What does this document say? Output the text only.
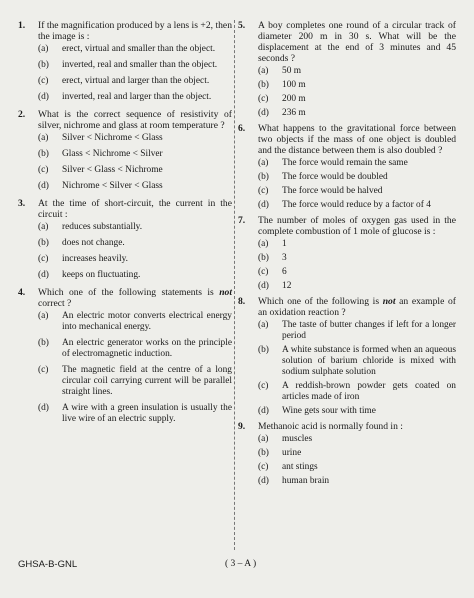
1.	If the magnification produced by a lens is +2, then the image is :
(a)	erect, virtual and smaller than the object.
(b)	inverted, real and smaller than the object.
(c)	erect, virtual and larger than the object.
(d)	inverted, real and larger than the object.
2.	What is the correct sequence of resistivity of silver, nichrome and glass at room temperature ?
(a)	Silver < Nichrome < Glass
(b)	Glass < Nichrome < Silver
(c)	Silver < Glass < Nichrome
(d)	Nichrome < Silver < Glass
3.	At the time of short-circuit, the current in the circuit :
(a)	reduces substantially.
(b)	does not change.
(c)	increases heavily.
(d)	keeps on fluctuating.
4.	Which one of the following statements is not correct ?
(a)	An electric motor converts electrical energy into mechanical energy.
(b)	An electric generator works on the principle of electromagnetic induction.
(c)	The magnetic field at the centre of a long circular coil carrying current will be parallel straight lines.
(d)	A wire with a green insulation is usually the live wire of an electric supply.
5.	A boy completes one round of a circular track of diameter 200 m in 30 s. What will be the displacement at the end of 3 minutes and 45 seconds ?
(a)	50 m
(b)	100 m
(c)	200 m
(d)	236 m
6.	What happens to the gravitational force between two objects if the mass of one object is doubled and the distance between them is also doubled ?
(a)	The force would remain the same
(b)	The force would be doubled
(c)	The force would be halved
(d)	The force would reduce by a factor of 4
7.	The number of moles of oxygen gas used in the complete combustion of 1 mole of glucose is :
(a)	1
(b)	3
(c)	6
(d)	12
8.	Which one of the following is not an example of an oxidation reaction ?
(a)	The taste of butter changes if left for a longer period
(b)	A white substance is formed when an aqueous solution of barium chloride is mixed with sodium sulphate solution
(c)	A reddish-brown powder gets coated on articles made of iron
(d)	Wine gets sour with time
9.	Methanoic acid is normally found in :
(a)	muscles
(b)	urine
(c)	ant stings
(d)	human brain
GHSA-B-GNL	( 3 – A )
